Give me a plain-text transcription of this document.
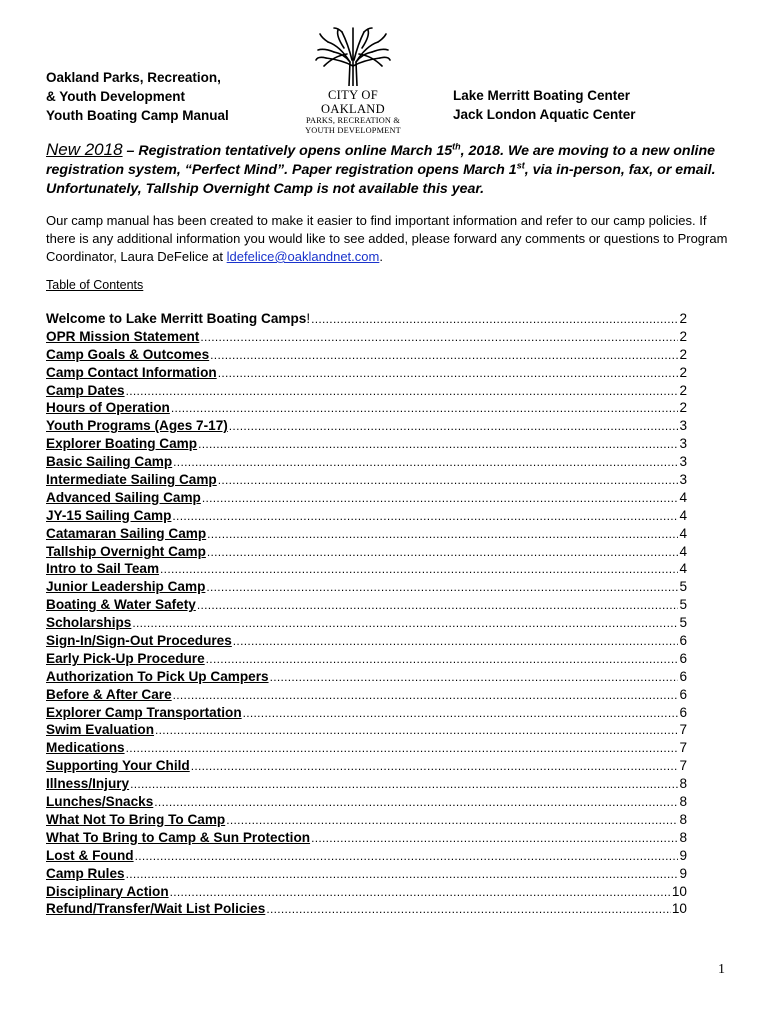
Oakland Parks, Recreation,
& Youth Development
Youth Boating Camp Manual
CITY OF OAKLAND
PARKS, RECREATION &
YOUTH DEVELOPMENT
Lake Merritt Boating Center
Jack London Aquatic Center
New 2018 – Registration tentatively opens online March 15th, 2018. We are moving to a new online registration system, “Perfect Mind”. Paper registration opens March 1st, via in-person, fax, or email. Unfortunately, Tallship Overnight Camp is not available this year.
Our camp manual has been created to make it easier to find important information and refer to our camp policies. If there is any additional information you would like to see added, please forward any comments or questions to Program Coordinator, Laura DeFelice at ldefelice@oaklandnet.com.
Table of Contents
Welcome to Lake Merritt Boating Camps ! .....	2
OPR Mission Statement .....	2
Camp Goals & Outcomes .....	2
Camp Contact Information .....	2
Camp Dates .....	2
Hours of Operation .....	2
Youth Programs (Ages 7-17) .....	3
Explorer Boating Camp .....	3
Basic Sailing Camp .....	3
Intermediate Sailing Camp .....	3
Advanced Sailing Camp .....	4
JY-15 Sailing Camp .....	4
Catamaran Sailing Camp .....	4
Tallship Overnight Camp .....	4
Intro to Sail Team .....	4
Junior Leadership Camp .....	5
Boating & Water Safety .....	5
Scholarships .....	5
Sign-In/Sign-Out Procedures .....	6
Early Pick-Up Procedure .....	6
Authorization To Pick Up Campers .....	6
Before & After Care .....	6
Explorer Camp Transportation .....	6
Swim Evaluation .....	7
Medications .....	7
Supporting Your Child .....	7
Illness/Injury .....	8
Lunches/Snacks .....	8
What Not To Bring To Camp .....	8
What To Bring to Camp & Sun Protection .....	8
Lost & Found .....	9
Camp Rules .....	9
Disciplinary Action .....	10
Refund/Transfer/Wait List Policies .....	10
1
